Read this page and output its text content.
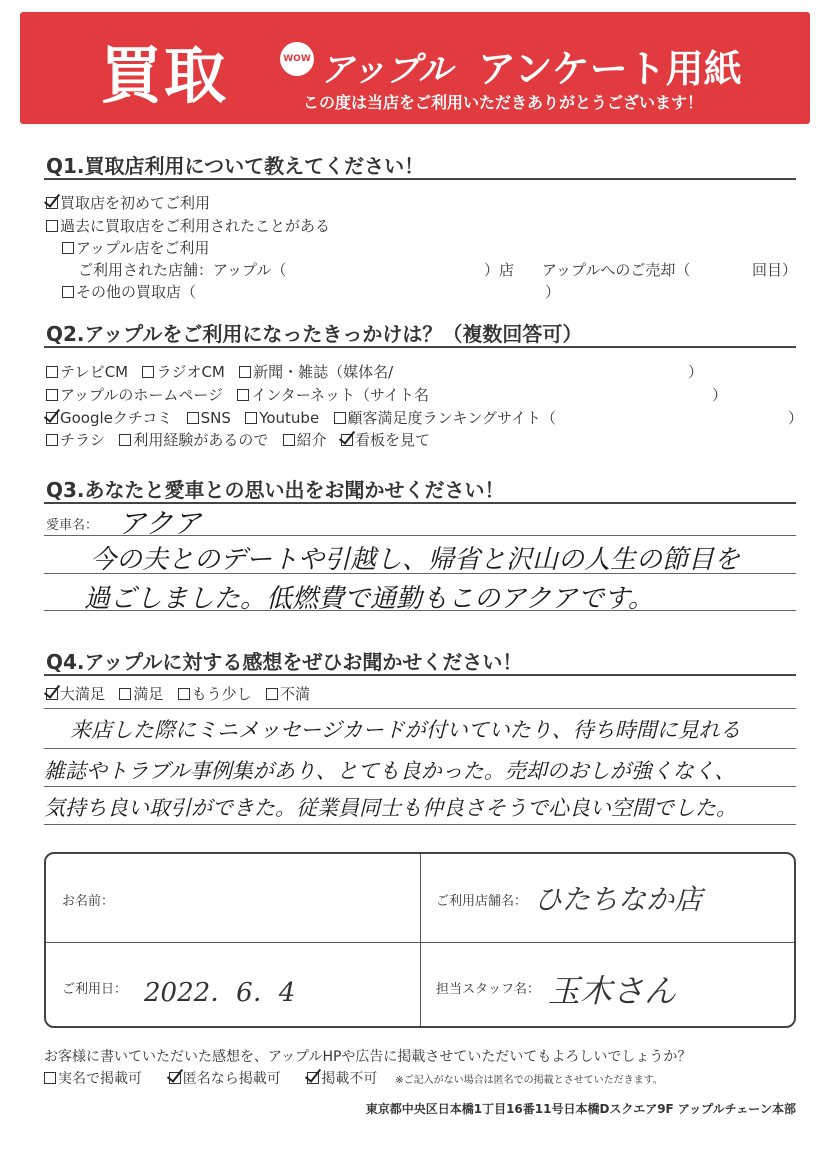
買取	WOW アップル アンケート用紙
この度は当店をご利用いただきありがとうございます！
Q1.買取店利用について教えてください！
買取店を初めてご利用
過去に買取店をご利用されたことがある
アップル店をご利用
ご利用された店舗：アップル（	）店 アップルへのご売却（	回目）
その他の買取店（	）
Q2.アップルをご利用になったきっかけは？（複数回答可）
テレビCM ラジオCM 新聞・雑誌（媒体名/	）
アップルのホームページ インターネット（サイト名	）
Googleクチコミ SNS Youtube 顧客満足度ランキングサイト（	）
チラシ 利用経験があるので 紹介 看板を見て
Q3.あなたと愛車との思い出をお聞かせください！
愛車名： アクア
今の夫とのデートや引越し、帰省と沢山の人生の節目を
過ごしました。低燃費で通勤もこのアクアです。
Q4.アップルに対する感想をぜひお聞かせください！
大満足 満足 もう少し 不満
来店した際にミニメッセージカードが付いていたり、待ち時間に見れる
雑誌やトラブル事例集があり、とても良かった。売却のおしが強くなく、
気持ち良い取引ができた。従業員同士も仲良さそうで心良い空間でした。
お名前：	ご利用店舗名： ひたちなか店
ご利用日： 2022．6．4	担当スタッフ名： 玉木さん
お客様に書いていただいた感想を、アップルHPや広告に掲載させていただいてもよろしいでしょうか？
実名で掲載可	匿名なら掲載可	掲載不可 ※ご記入がない場合は匿名での掲載とさせていただきます。
東京都中央区日本橋1丁目16番11号日本橋Dスクエア9F アップルチェーン本部
